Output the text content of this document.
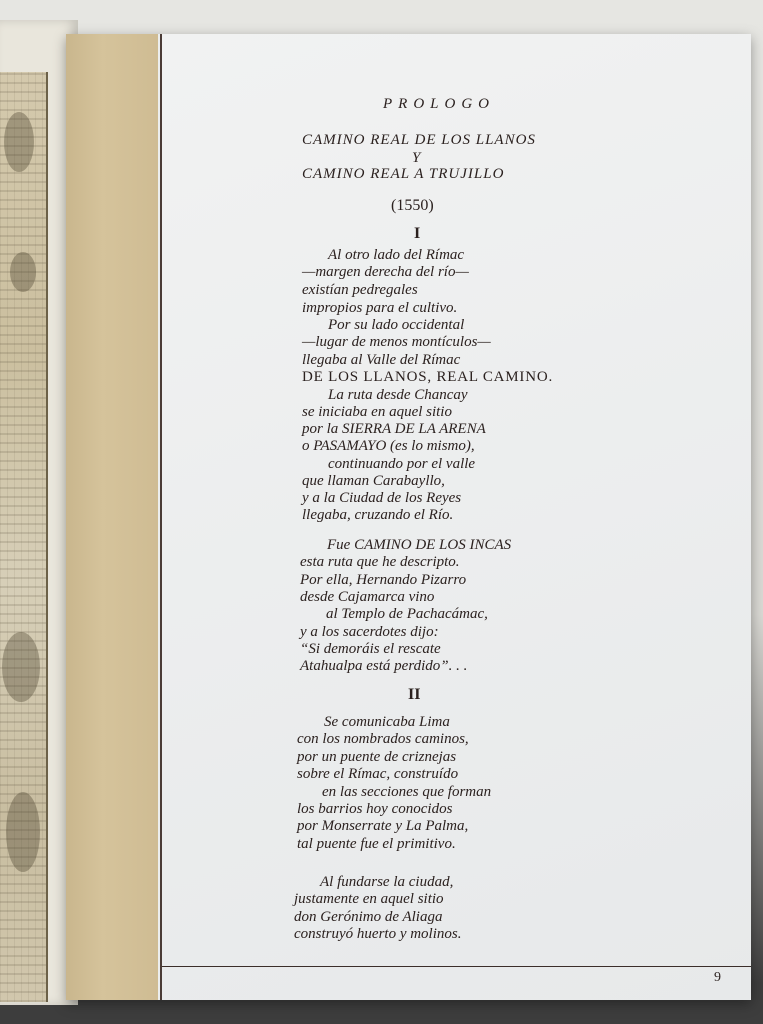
9
PROLOGO
CAMINO REAL DE LOS LLANOS
Y
CAMINO REAL A TRUJILLO
(1550)
I
Al otro lado del Rímac
—margen derecha del río—
existían pedregales
impropios para el cultivo.
Por su lado occidental
—lugar de menos montículos—
llegaba al Valle del Rímac
DE LOS LLANOS, REAL CAMINO.
La ruta desde Chancay
se iniciaba en aquel sitio
por la SIERRA DE LA ARENA
o PASAMAYO (es lo mismo),
continuando por el valle
que llaman Carabayllo,
y a la Ciudad de los Reyes
llegaba, cruzando el Río.
Fue CAMINO DE LOS INCAS
esta ruta que he descripto.
Por ella, Hernando Pizarro
desde Cajamarca vino
al Templo de Pachacámac,
y a los sacerdotes dijo:
“Si demoráis el rescate
Atahualpa está perdido”. . .
II
Se comunicaba Lima
con los nombrados caminos,
por un puente de criznejas
sobre el Rímac, construído
en las secciones que forman
los barrios hoy conocidos
por Monserrate y La Palma,
tal puente fue el primitivo.
Al fundarse la ciudad,
justamente en aquel sitio
don Gerónimo de Aliaga
construyó huerto y molinos.
